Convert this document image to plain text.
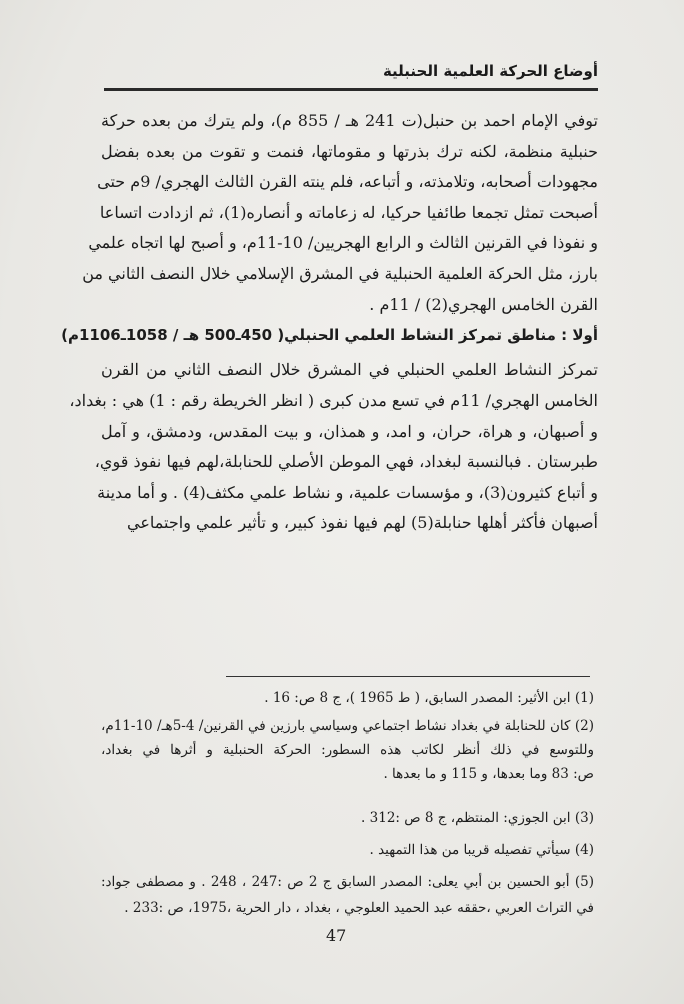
أوضاع الحركة العلمية الحنبلية
توفي الإمام احمد بن حنبل(ت 241 هـ / 855 م)، ولم يترك من بعده حركة
حنبلية منظمة، لكنه ترك بذرتها و مقوماتها، فنمت و تقوت من بعده بفضل
مجهودات أصحابه، وتلامذته، و أتباعه، فلم ينته القرن الثالث الهجري/ 9م حتى
أصبحت تمثل تجمعا طائفيا حركيا، له زعاماته و أنصاره(1)، ثم ازدادت اتساعا
و نفوذا في القرنين الثالث و الرابع الهجريين/ 10-11م، و أصبح لها اتجاه علمي
بارز، مثل الحركة العلمية الحنبلية في المشرق الإسلامي خلال النصف الثاني من
القرن الخامس الهجري(2) / 11م .
أولا : مناطق تمركز النشاط العلمي الحنبلي( 450ـ500 هـ / 1058ـ1106م)
تمركز النشاط العلمي الحنبلي في المشرق خلال النصف الثاني من القرن
الخامس الهجري/ 11م في تسع مدن كبرى ( انظر الخريطة رقم : 1) هي : بغداد،
و أصبهان، و هراة، حران، و امد، و همذان، و بيت المقدس، ودمشق، و آمل
طبرستان . فبالنسبة لبغداد، فهي الموطن الأصلي للحنابلة،لهم فيها نفوذ قوي،
و أتباع كثيرون(3)، و مؤسسات علمية، و نشاط علمي مكثف(4) . و أما مدينة
أصبهان فأكثر أهلها حنابلة(5) لهم فيها نفوذ كبير، و تأثير علمي واجتماعي
(1) ابن الأثير: المصدر السابق، ( ط 1965 )، ج 8 ص: 16 .
(2) كان للحنابلة في بغداد نشاط اجتماعي وسياسي بارزين في القرنين/ 4-5هـ/ 10-11م،
وللتوسع في ذلك أنظر لكاتب هذه السطور: الحركة الحنبلية و أثرها في بغداد،
ص: 83 وما بعدها، و 115 و ما بعدها .
(3) ابن الجوزي: المنتظم، ج 8 ص :312 .
(4) سيأتي تفصيله قريبا من هذا التمهيد .
(5) أبو الحسين بن أبي يعلى: المصدر السابق ج 2 ص :247 ، 248 . و مصطفى جواد:
في التراث العربي ،حققه عبد الحميد العلوجي ، بغداد ، دار الحرية ،1975، ص :233 .
47
